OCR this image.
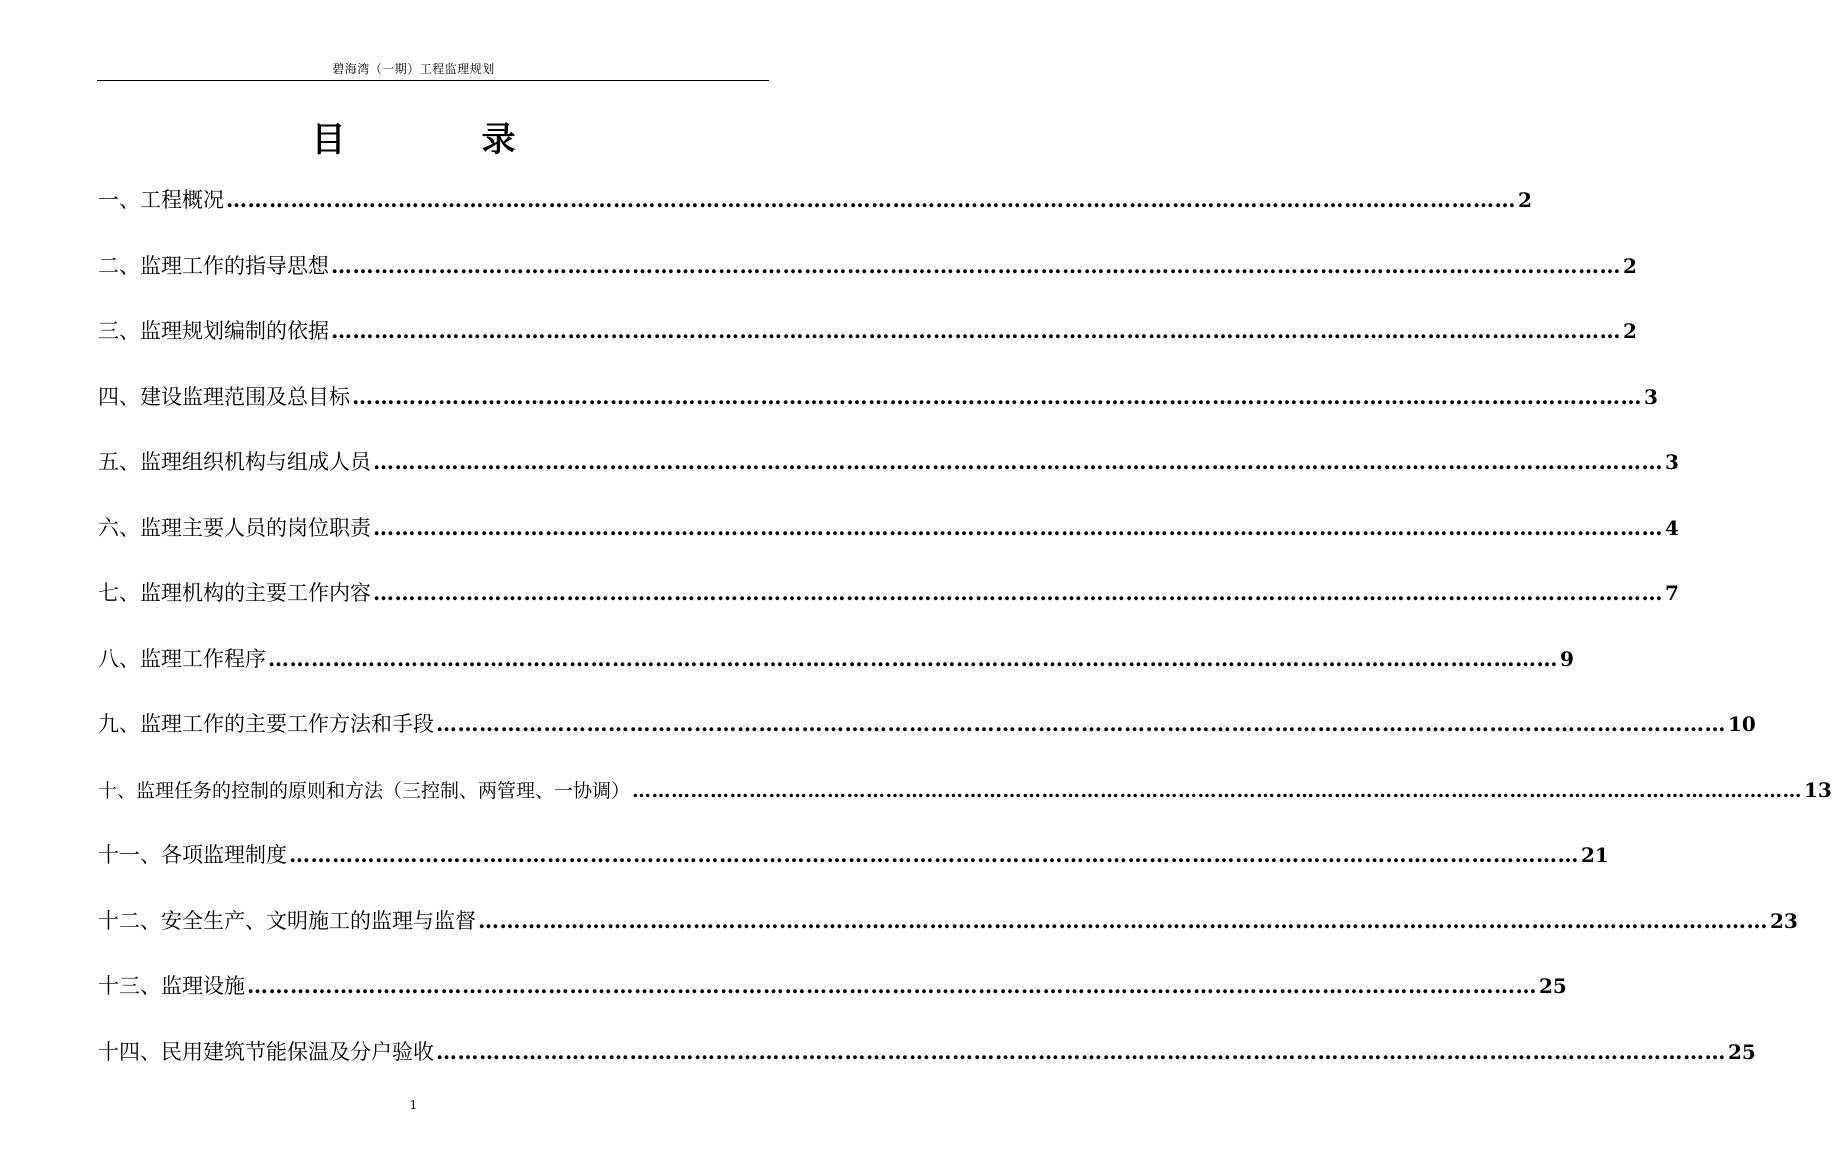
碧海湾（一期）工程监理规划
目	录
一、工程概况 ……………………………………………………………………………………………………………………………………………………………… 2
二、监理工作的指导思想 ……………………………………………………………………………………………………………………………………………………………… 2
三、监理规划编制的依据 ……………………………………………………………………………………………………………………………………………………………… 2
四、建设监理范围及总目标 ……………………………………………………………………………………………………………………………………………………………… 3
五、监理组织机构与组成人员 ……………………………………………………………………………………………………………………………………………………………… 3
六、监理主要人员的岗位职责 ……………………………………………………………………………………………………………………………………………………………… 4
七、监理机构的主要工作内容 ……………………………………………………………………………………………………………………………………………………………… 7
八、监理工作程序 ……………………………………………………………………………………………………………………………………………………………… 9
九、监理工作的主要工作方法和手段 ……………………………………………………………………………………………………………………………………………………………… 10
十、监理任务的控制的原则和方法（三控制、两管理、一协调） ……………………………………………………………………………………………………………………………………………………………… 13
十一、各项监理制度 ……………………………………………………………………………………………………………………………………………………………… 21
十二、安全生产、文明施工的监理与监督 ……………………………………………………………………………………………………………………………………………………………… 23
十三、监理设施 ……………………………………………………………………………………………………………………………………………………………… 25
十四、民用建筑节能保温及分户验收 ……………………………………………………………………………………………………………………………………………………………… 25
1
